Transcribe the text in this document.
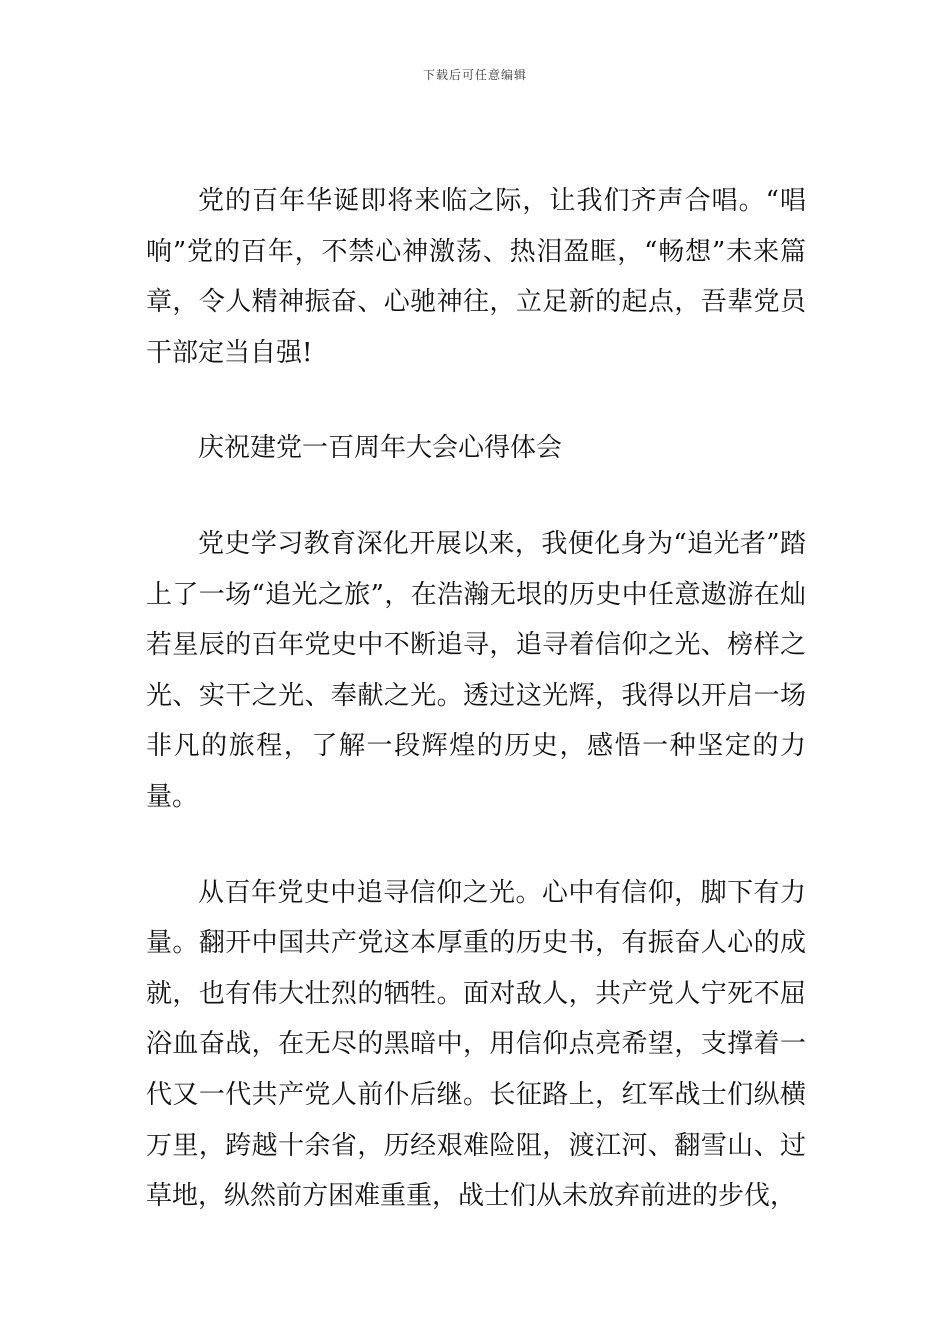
下载后可任意编辑

党的百年华诞即将来临之际，让我们齐声合唱。“唱响”党的百年，不禁心神激荡、热泪盈眶，“畅想”未来篇章，令人精神振奋、心驰神往，立足新的起点，吾辈党员干部定当自强!

庆祝建党一百周年大会心得体会

党史学习教育深化开展以来，我便化身为“追光者”踏上了一场“追光之旅”，在浩瀚无垠的历史中任意遨游在灿若星辰的百年党史中不断追寻，追寻着信仰之光、榜样之光、实干之光、奉献之光。透过这光辉，我得以开启一场非凡的旅程，了解一段辉煌的历史，感悟一种坚定的力量。

从百年党史中追寻信仰之光。心中有信仰，脚下有力量。翻开中国共产党这本厚重的历史书，有振奋人心的成就，也有伟大壮烈的牺牲。面对敌人，共产党人宁死不屈浴血奋战，在无尽的黑暗中，用信仰点亮希望，支撑着一代又一代共产党人前仆后继。长征路上，红军战士们纵横万里，跨越十余省，历经艰难险阻，渡江河、翻雪山、过草地，纵然前方困难重重，战士们从未放弃前进的步伐，
